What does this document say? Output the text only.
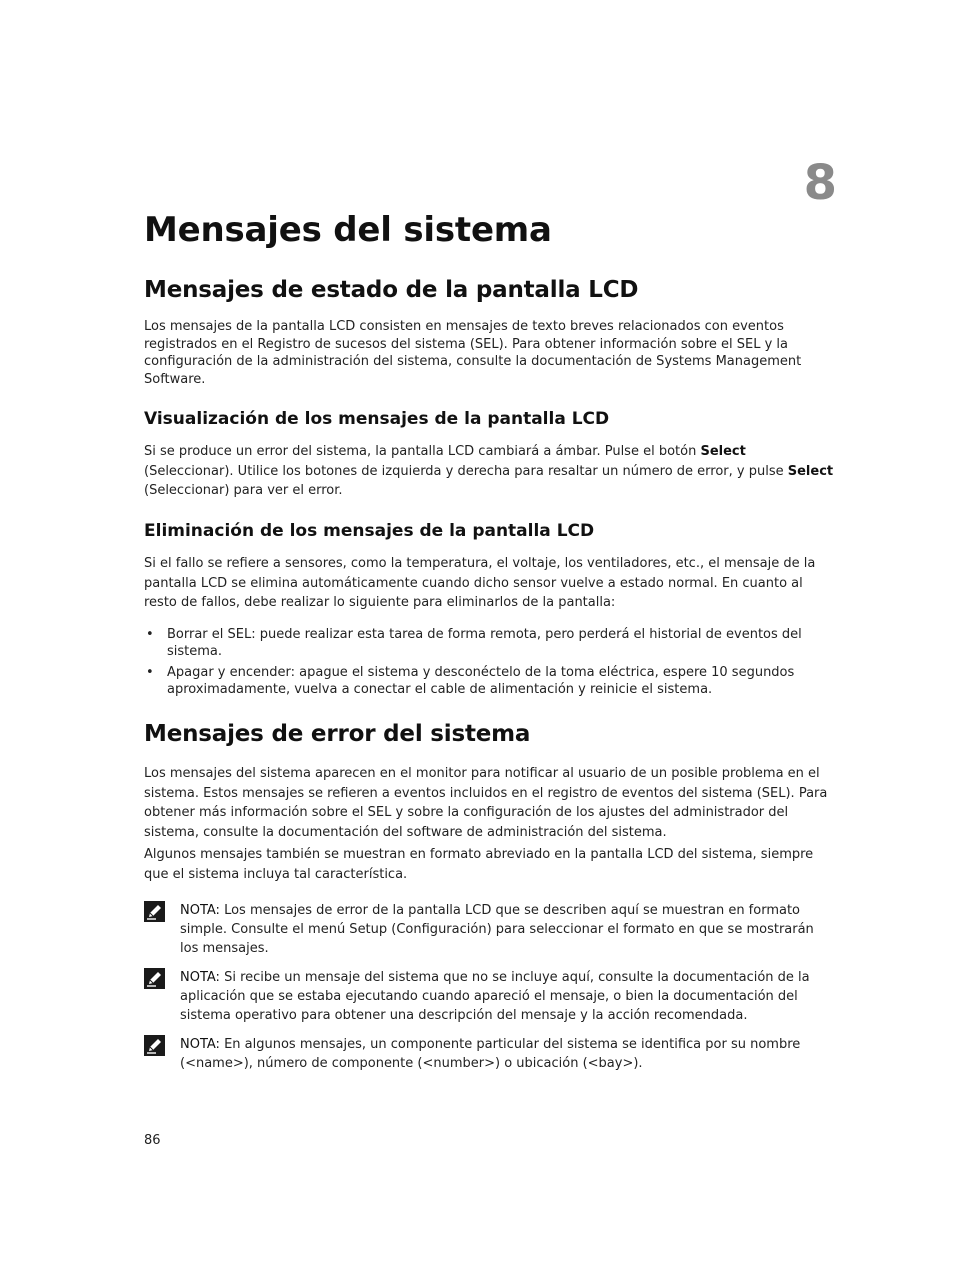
8
Mensajes del sistema
Mensajes de estado de la pantalla LCD

Los mensajes de la pantalla LCD consisten en mensajes de texto breves relacionados con eventos registrados en el Registro de sucesos del sistema (SEL). Para obtener información sobre el SEL y la configuración de la administración del sistema, consulte la documentación de Systems Management Software.

Visualización de los mensajes de la pantalla LCD

Si se produce un error del sistema, la pantalla LCD cambiará a ámbar. Pulse el botón Select (Seleccionar). Utilice los botones de izquierda y derecha para resaltar un número de error, y pulse Select (Seleccionar) para ver el error.

Eliminación de los mensajes de la pantalla LCD

Si el fallo se refiere a sensores, como la temperatura, el voltaje, los ventiladores, etc., el mensaje de la pantalla LCD se elimina automáticamente cuando dicho sensor vuelve a estado normal. En cuanto al resto de fallos, debe realizar lo siguiente para eliminarlos de la pantalla:

• Borrar el SEL: puede realizar esta tarea de forma remota, pero perderá el historial de eventos del sistema.
• Apagar y encender: apague el sistema y desconéctelo de la toma eléctrica, espere 10 segundos aproximadamente, vuelva a conectar el cable de alimentación y reinicie el sistema.
Mensajes de error del sistema

Los mensajes del sistema aparecen en el monitor para notificar al usuario de un posible problema en el sistema. Estos mensajes se refieren a eventos incluidos en el registro de eventos del sistema (SEL). Para obtener más información sobre el SEL y sobre la configuración de los ajustes del administrador del sistema, consulte la documentación del software de administración del sistema.

Algunos mensajes también se muestran en formato abreviado en la pantalla LCD del sistema, siempre que el sistema incluya tal característica.

NOTA: Los mensajes de error de la pantalla LCD que se describen aquí se muestran en formato simple. Consulte el menú Setup (Configuración) para seleccionar el formato en que se mostrarán los mensajes.
NOTA: Si recibe un mensaje del sistema que no se incluye aquí, consulte la documentación de la aplicación que se estaba ejecutando cuando apareció el mensaje, o bien la documentación del sistema operativo para obtener una descripción del mensaje y la acción recomendada.
NOTA: En algunos mensajes, un componente particular del sistema se identifica por su nombre (<name>), número de componente (<number>) o ubicación (<bay>).
86
